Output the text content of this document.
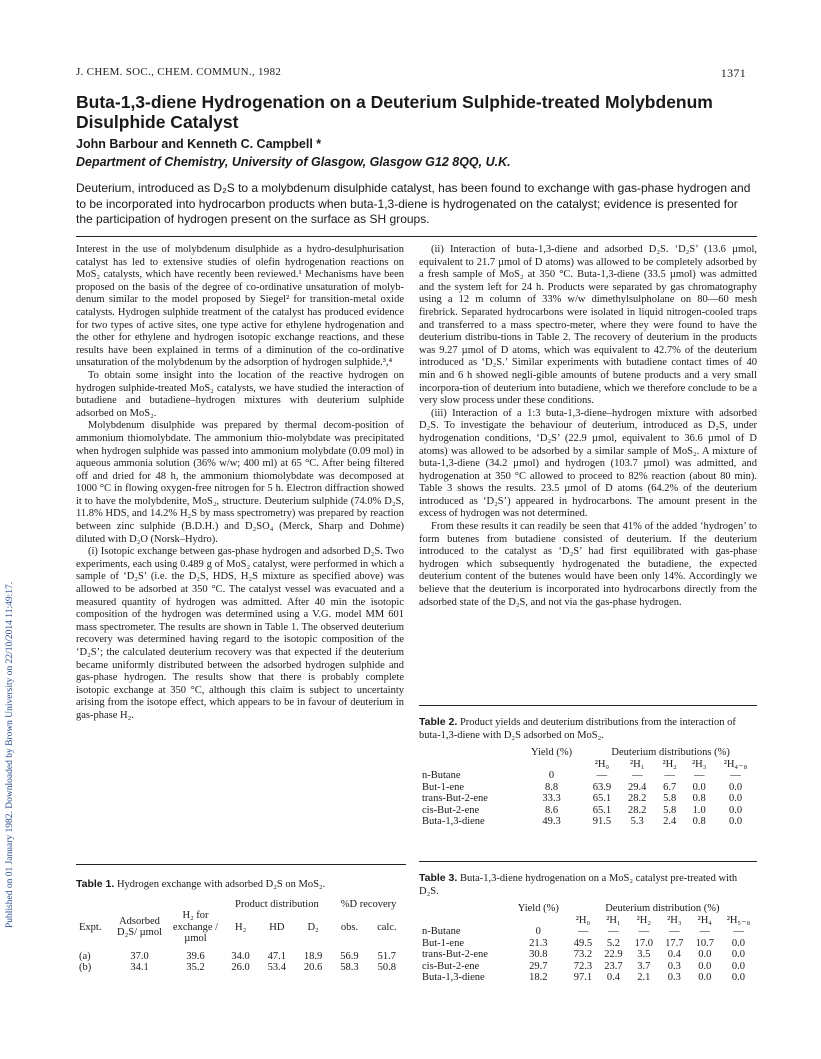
Published on 01 January 1982. Downloaded by Brown University on 22/10/2014 11:49:17.
J. CHEM. SOC., CHEM. COMMUN., 1982	1371
Buta-1,3-diene Hydrogenation on a Deuterium Sulphide-treated Molybdenum Disulphide Catalyst
John Barbour and Kenneth C. Campbell *
Department of Chemistry, University of Glasgow, Glasgow G12 8QQ, U.K.

Deuterium, introduced as D₂S to a molybdenum disulphide catalyst, has been found to exchange with gas-phase hydrogen and to be incorporated into hydrocarbon products when buta-1,3-diene is hydrogenated on the catalyst; evidence is presented for the participation of hydrogen present on the surface as SH groups.

Interest in the use of molybdenum disulphide as a hydro-desulphurisation catalyst has led to extensive studies of olefin hydrogenation reactions on MoS₂ catalysts, which have recently been reviewed.¹ Mechanisms have been proposed on the basis of the degree of co-ordinative unsaturation of molyb-denum similar to the model proposed by Siegel² for transition-metal oxide catalysts. Hydrogen sulphide treatment of the catalyst has produced evidence for two types of active sites, one type active for ethylene hydrogenation and the other for ethylene and hydrogen isotopic exchange reactions, and these results have been explained in terms of a diminution of the co-ordinative unsaturation of the molybdenum by the adsorption of hydrogen sulphide.³,⁴

To obtain some insight into the location of the reactive hydrogen on hydrogen sulphide-treated MoS₂ catalysts, we have studied the interaction of butadiene and butadiene–hydrogen mixtures with deuterium sulphide adsorbed on MoS₂.

Molybdenum disulphide was prepared by thermal decom-position of ammonium thiomolybdate. The ammonium thio-molybdate was precipitated when hydrogen sulphide was passed into ammonium molybdate (0.09 mol) in aqueous ammonia solution (36% w/w; 400 ml) at 65 °C. After being filtered off and dried for 48 h, the ammonium thiomolybdate was decomposed at 1000 °C in flowing oxygen-free nitrogen for 5 h. Electron diffraction showed it to have the molybdenite, MoS₂, structure. Deuterium sulphide (74.0% D₂S, 11.8% HDS, and 14.2% H₂S by mass spectrometry) was prepared by reaction between zinc sulphide (B.D.H.) and D₂SO₄ (Merck, Sharp and Dohme) diluted with D₂O (Norsk–Hydro).

(i) Isotopic exchange between gas-phase hydrogen and adsorbed D₂S. Two experiments, each using 0.489 g of MoS₂ catalyst, were performed in which a sample of ‘D₂S’ (i.e. the D₂S, HDS, H₂S mixture as specified above) was allowed to be adsorbed at 350 °C. The catalyst vessel was evacuated and a measured quantity of hydrogen was admitted. After 40 min the isotopic composition of the hydrogen was determined using a V.G. model MM 601 mass spectrometer. The results are shown in Table 1. The observed deuterium recovery was determined having regard to the isotopic composition of the ‘D₂S’; the calculated deuterium recovery was that expected if the deuterium became uniformly distributed between the adsorbed hydrogen sulphide and gas-phase hydrogen. The results show that there is probably complete isotopic exchange at 350 °C, although this claim is subject to uncertainty arising from the isotope effect, which appears to be in favour of deuterium in gas-phase H₂.

(ii) Interaction of buta-1,3-diene and adsorbed D₂S. ‘D₂S’ (13.6 µmol, equivalent to 21.7 µmol of D atoms) was allowed to be completely adsorbed by a fresh sample of MoS₂ at 350 °C. Buta-1,3-diene (33.5 µmol) was admitted and the system left for 24 h. Products were separated by gas chromatography using a 12 m column of 33% w/w dimethylsulpholane on 80—60 mesh firebrick. Separated hydrocarbons were isolated in liquid nitrogen-cooled traps and transferred to a mass spectro-meter, where they were found to have the deuterium distribu-tions in Table 2. The recovery of deuterium in the products was 9.27 µmol of D atoms, which was equivalent to 42.7% of the deuterium introduced as ‘D₂S.’ Similar experiments with butadiene contact times of 40 min and 6 h showed negli-gible amounts of butene products and a very small incorpora-tion of deuterium into butadiene, which we therefore conclude to be a very slow process under these conditions.

(iii) Interaction of a 1:3 buta-1,3-diene–hydrogen mixture with adsorbed D₂S. To investigate the behaviour of deuterium, introduced as D₂S, under hydrogenation conditions, ‘D₂S’ (22.9 µmol, equivalent to 36.6 µmol of D atoms) was allowed to be adsorbed by a similar sample of MoS₂. A mixture of buta-1,3-diene (34.2 µmol) and hydrogen (103.7 µmol) was admitted, and hydrogenation at 350 °C allowed to proceed to 82% reaction (about 80 min). Table 3 shows the results. 23.5 µmol of D atoms (64.2% of the deuterium introduced as ‘D₂S’) appeared in hydrocarbons. The amount present in the excess of hydrogen was not determined.

From these results it can readily be seen that 41% of the added ‘hydrogen’ to form butenes from butadiene consisted of deuterium. If the deuterium introduced to the catalyst as ‘D₂S’ had first equilibrated with gas-phase hydrogen which subsequently hydrogenated the butadiene, the expected deuterium content of the butenes would have been only 14%. Accordingly we believe that the deuterium is incorporated into hydrocarbons directly from the adsorbed state of the D₂S, and not via the gas-phase hydrogen.

Table 2. Product yields and deuterium distributions from the interaction of buta-1,3-diene with D₂S adsorbed on MoS₂.

	Yield (%)	Deuterium distributions (%)				
		²H₀	²H₁	²H₂	²H₃	²H₄₋₈
n-Butane	0	—	—	—	—	—
But-1-ene	8.8	63.9	29.4	6.7	0.0	0.0
trans-But-2-ene	33.3	65.1	28.2	5.8	0.8	0.0
cis-But-2-ene	8.6	65.1	28.2	5.8	1.0	0.0
Buta-1,3-diene	49.3	91.5	5.3	2.4	0.8	0.0

Table 3. Buta-1,3-diene hydrogenation on a MoS₂ catalyst pre-treated with D₂S.

	Yield (%)	Deuterium distribution (%)					
		²H₀	²H₁	²H₂	²H₃	²H₄	²H₅₋₈
n-Butane	0	—	—	—	—	—	—
But-1-ene	21.3	49.5	5.2	17.0	17.7	10.7	0.0
trans-But-2-ene	30.8	73.2	22.9	3.5	0.4	0.0	0.0
cis-But-2-ene	29.7	72.3	23.7	3.7	0.3	0.0	0.0
Buta-1,3-diene	18.2	97.1	0.4	2.1	0.3	0.0	0.0

Table 1. Hydrogen exchange with adsorbed D₂S on MoS₂.

			Product distribution			%D recovery	
Expt.	Adsorbed D₂S/ µmol	H₂ for exchange /µmol	H₂	HD	D₂	obs.	calc.

(a)	37.0	39.6	34.0	47.1	18.9	56.9	51.7
(b)	34.1	35.2	26.0	53.4	20.6	58.3	50.8
